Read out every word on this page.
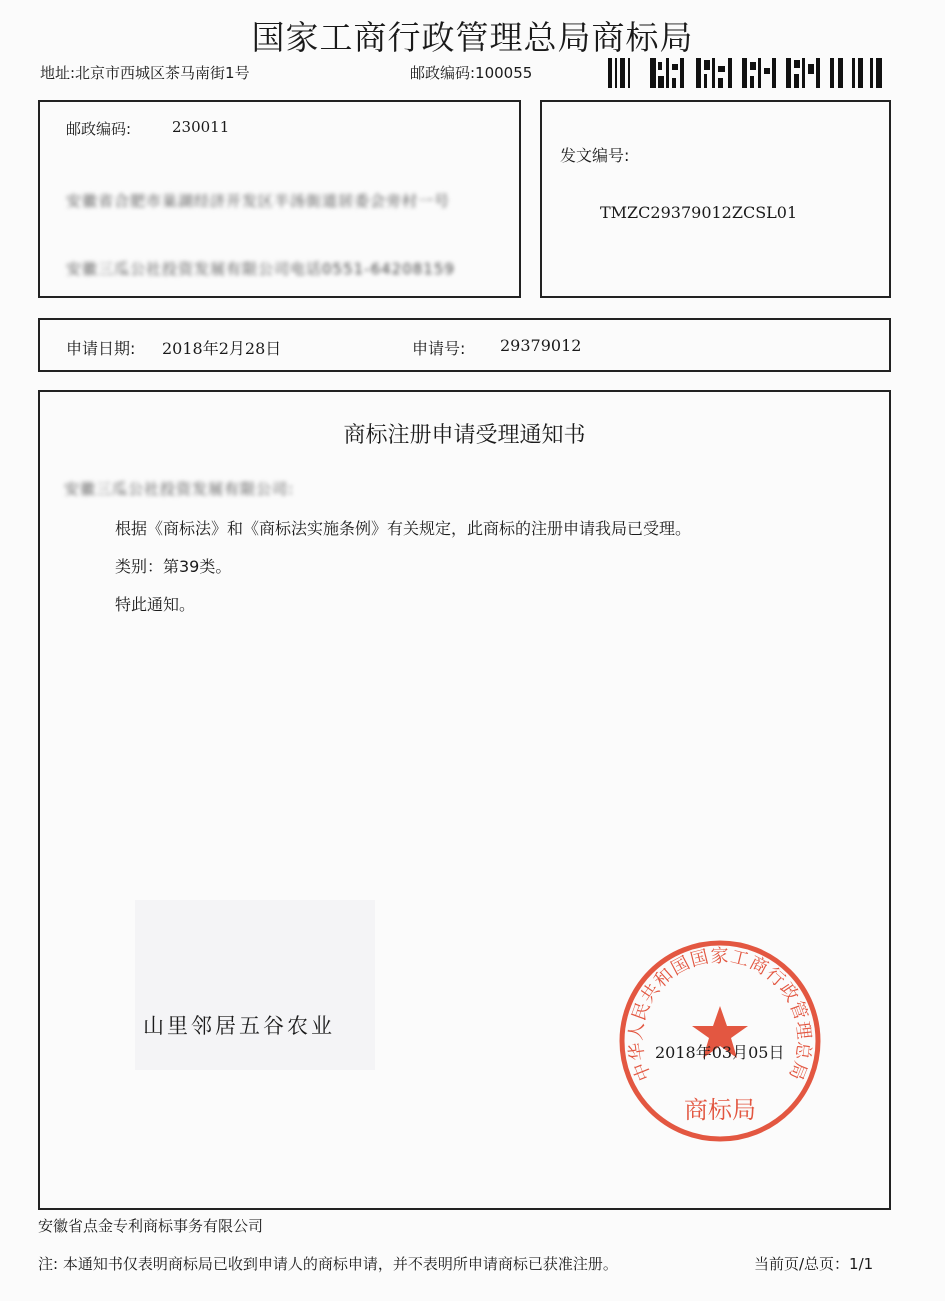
国家工商行政管理总局商标局
地址:北京市西城区茶马南街1号	邮政编码:100055
邮政编码:	230011
安徽省合肥市巢湖经济开发区半汤街道居委会旁村一号
安徽三瓜公社投资发展有限公司电话0551-64208159
发文编号:
TMZC29379012ZCSL01
申请日期: 2018年2月28日	申请号: 29379012
商标注册申请受理通知书
安徽三瓜公社投资发展有限公司:
根据《商标法》和《商标法实施条例》有关规定，此商标的注册申请我局已受理。
类别：第39类。
特此通知。
山里邻居五谷农业
中华人民共和国国家工商行政管理总局
商标局
2018年03月05日
安徽省点金专利商标事务有限公司
注: 本通知书仅表明商标局已收到申请人的商标申请，并不表明所申请商标已获准注册。	当前页/总页：1/1
